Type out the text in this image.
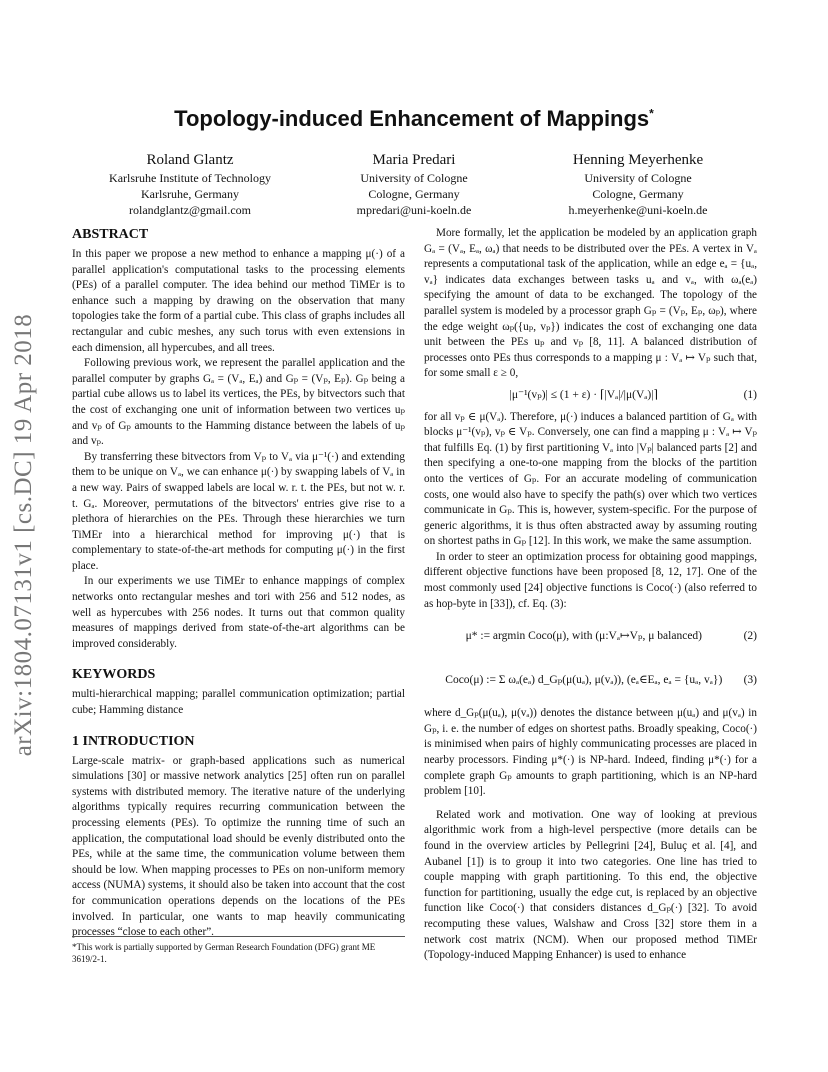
arXiv:1804.07131v1 [cs.DC] 19 Apr 2018
Topology-induced Enhancement of Mappings*
Roland Glantz
Karlsruhe Institute of Technology
Karlsruhe, Germany
rolandglantz@gmail.com
Maria Predari
University of Cologne
Cologne, Germany
mpredari@uni-koeln.de
Henning Meyerhenke
University of Cologne
Cologne, Germany
h.meyerhenke@uni-koeln.de
ABSTRACT

In this paper we propose a new method to enhance a mapping μ(·) of a parallel application's computational tasks to the processing elements (PEs) of a parallel computer. The idea behind our method TiMEr is to enhance such a mapping by drawing on the observation that many topologies take the form of a partial cube. This class of graphs includes all rectangular and cubic meshes, any such torus with even extensions in each dimension, all hypercubes, and all trees.

Following previous work, we represent the parallel application and the parallel computer by graphs Gₐ = (Vₐ, Eₐ) and Gₚ = (Vₚ, Eₚ). Gₚ being a partial cube allows us to label its vertices, the PEs, by bitvectors such that the cost of exchanging one unit of information between two vertices uₚ and vₚ of Gₚ amounts to the Hamming distance between the labels of uₚ and vₚ.

By transferring these bitvectors from Vₚ to Vₐ via μ⁻¹(·) and extending them to be unique on Vₐ, we can enhance μ(·) by swapping labels of Vₐ in a new way. Pairs of swapped labels are local w. r. t. the PEs, but not w. r. t. Gₐ. Moreover, permutations of the bitvectors' entries give rise to a plethora of hierarchies on the PEs. Through these hierarchies we turn TiMEr into a hierarchical method for improving μ(·) that is complementary to state-of-the-art methods for computing μ(·) in the first place.

In our experiments we use TiMEr to enhance mappings of complex networks onto rectangular meshes and tori with 256 and 512 nodes, as well as hypercubes with 256 nodes. It turns out that common quality measures of mappings derived from state-of-the-art algorithms can be improved considerably.

KEYWORDS

multi-hierarchical mapping; parallel communication optimization; partial cube; Hamming distance

1 INTRODUCTION

Large-scale matrix- or graph-based applications such as numerical simulations [30] or massive network analytics [25] often run on parallel systems with distributed memory. The iterative nature of the underlying algorithms typically requires recurring communication between the processing elements (PEs). To optimize the running time of such an application, the computational load should be evenly distributed onto the PEs, while at the same time, the communication volume between them should be low. When mapping processes to PEs on non-uniform memory access (NUMA) systems, it should also be taken into account that the cost for communication operations depends on the locations of the PEs involved. In particular, one wants to map heavily communicating processes “close to each other”.

*This work is partially supported by German Research Foundation (DFG) grant ME 3619/2-1.

More formally, let the application be modeled by an application graph Gₐ = (Vₐ, Eₐ, ωₐ) that needs to be distributed over the PEs. A vertex in Vₐ represents a computational task of the application, while an edge eₐ = {uₐ, vₐ} indicates data exchanges between tasks uₐ and vₐ, with ωₐ(eₐ) specifying the amount of data to be exchanged. The topology of the parallel system is modeled by a processor graph Gₚ = (Vₚ, Eₚ, ωₚ), where the edge weight ωₚ({uₚ, vₚ}) indicates the cost of exchanging one data unit between the PEs uₚ and vₚ [8, 11]. A balanced distribution of processes onto PEs thus corresponds to a mapping μ : Vₐ ↦ Vₚ such that, for some small ε ≥ 0,

|μ⁻¹(vₚ)| ≤ (1 + ε) · ⌈|Vₐ|/|μ(Vₐ)|⌉	(1)

for all vₚ ∈ μ(Vₐ). Therefore, μ(·) induces a balanced partition of Gₐ with blocks μ⁻¹(vₚ), vₚ ∈ Vₚ. Conversely, one can find a mapping μ : Vₐ ↦ Vₚ that fulfills Eq. (1) by first partitioning Vₐ into |Vₚ| balanced parts [2] and then specifying a one-to-one mapping from the blocks of the partition onto the vertices of Gₚ. For an accurate modeling of communication costs, one would also have to specify the path(s) over which two vertices communicate in Gₚ. This is, however, system-specific. For the purpose of generic algorithms, it is thus often abstracted away by assuming routing on shortest paths in Gₚ [12]. In this work, we make the same assumption.

In order to steer an optimization process for obtaining good mappings, different objective functions have been proposed [8, 12, 17]. One of the most commonly used [24] objective functions is Coco(·) (also referred to as hop-byte in [33]), cf. Eq. (3):

μ* := argmin Coco(μ), with (μ:Vₐ↦Vₚ, μ balanced)	(2)
Coco(μ) := Σ ωₐ(eₐ) d_Gₚ(μ(uₐ), μ(vₐ)), (eₐ∈Eₐ, eₐ = {uₐ, vₐ})	(3)

where d_Gₚ(μ(uₐ), μ(vₐ)) denotes the distance between μ(uₐ) and μ(vₐ) in Gₚ, i. e. the number of edges on shortest paths. Broadly speaking, Coco(·) is minimised when pairs of highly communicating processes are placed in nearby processors. Finding μ*(·) is NP-hard. Indeed, finding μ*(·) for a complete graph Gₚ amounts to graph partitioning, which is an NP-hard problem [10].

Related work and motivation. One way of looking at previous algorithmic work from a high-level perspective (more details can be found in the overview articles by Pellegrini [24], Buluç et al. [4], and Aubanel [1]) is to group it into two categories. One line has tried to couple mapping with graph partitioning. To this end, the objective function for partitioning, usually the edge cut, is replaced by an objective function like Coco(·) that considers distances d_Gₚ(·) [32]. To avoid recomputing these values, Walshaw and Cross [32] store them in a network cost matrix (NCM). When our proposed method TiMEr (Topology-induced Mapping Enhancer) is used to enhance
